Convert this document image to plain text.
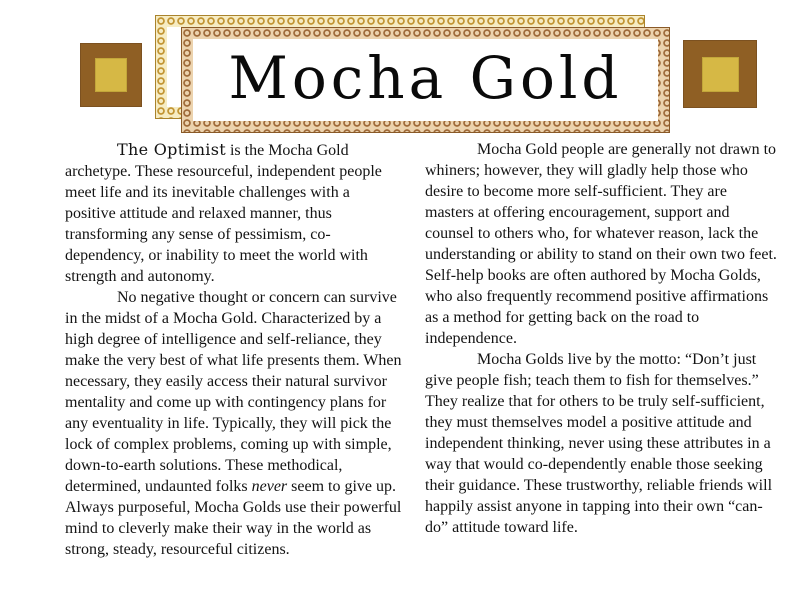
Mocha Gold

The Optimist is the Mocha Gold archetype. These resourceful, independent people meet life and its inevitable challenges with a positive attitude and relaxed manner, thus transforming any sense of pessimism, co-dependency, or inability to meet the world with strength and autonomy.

No negative thought or concern can survive in the midst of a Mocha Gold. Characterized by a high degree of intelligence and self-reliance, they make the very best of what life presents them. When necessary, they easily access their natural survivor mentality and come up with contingency plans for any eventuality in life. Typically, they will pick the lock of complex problems, coming up with simple, down-to-earth solutions. These methodical, determined, undaunted folks never seem to give up. Always purposeful, Mocha Golds use their powerful mind to cleverly make their way in the world as strong, steady, resourceful citizens.

Mocha Gold people are generally not drawn to whiners; however, they will gladly help those who desire to become more self-sufficient. They are masters at offering encouragement, support and counsel to others who, for whatever reason, lack the understanding or ability to stand on their own two feet. Self-help books are often authored by Mocha Golds, who also frequently recommend positive affirmations as a method for getting back on the road to independence.

Mocha Golds live by the motto: “Don’t just give people fish; teach them to fish for themselves.” They realize that for others to be truly self-sufficient, they must themselves model a positive attitude and independent thinking, never using these attributes in a way that would co-dependently enable those seeking their guidance. These trustworthy, reliable friends will happily assist anyone in tapping into their own “can-do” attitude toward life.
